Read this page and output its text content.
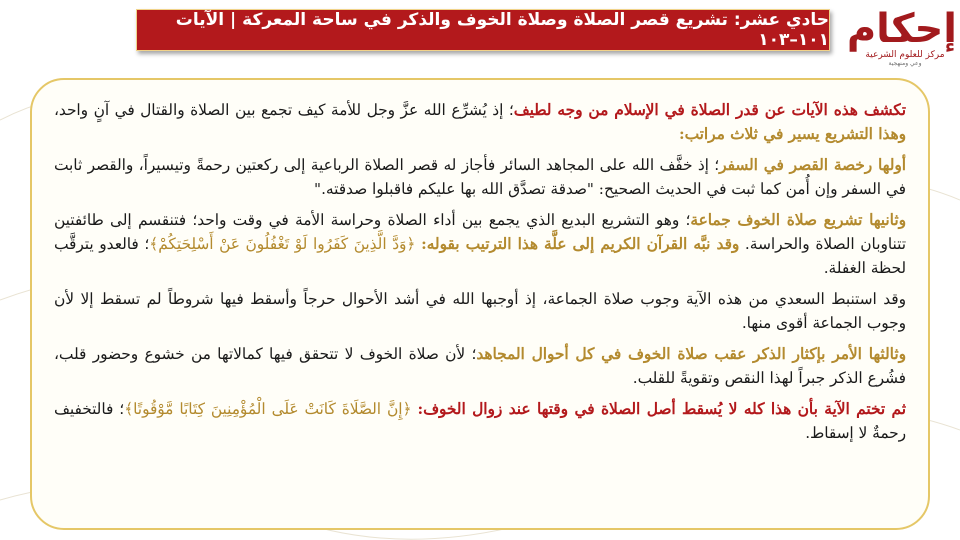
إحكام
مركز للعلوم الشرعية
وعي ومنهجية
حادي عشر: تشريع قصر الصلاة وصلاة الخوف والذكر في ساحة المعركة | الآيات ١٠١–١٠٣

تكشف هذه الآيات عن قدر الصلاة في الإسلام من وجه لطيف؛ إذ يُشرِّع الله عزَّ وجل للأمة كيف تجمع بين الصلاة والقتال في آنٍ واحد، وهذا التشريع يسير في ثلاث مراتب:

أولها رخصة القصر في السفر؛ إذ خفَّف الله على المجاهد السائر فأجاز له قصر الصلاة الرباعية إلى ركعتين رحمةً وتيسيراً، والقصر ثابت في السفر وإن أُمن كما ثبت في الحديث الصحيح: "صدقة تصدَّق الله بها عليكم فاقبلوا صدقته."

وثانيها تشريع صلاة الخوف جماعة؛ وهو التشريع البديع الذي يجمع بين أداء الصلاة وحراسة الأمة في وقت واحد؛ فتنقسم إلى طائفتين تتناوبان الصلاة والحراسة. وقد نبَّه القرآن الكريم إلى علَّة هذا الترتيب بقوله: ﴿وَدَّ الَّذِينَ كَفَرُوا لَوْ تَغْفُلُونَ عَنْ أَسْلِحَتِكُمْ﴾؛ فالعدو يترقَّب لحظة الغفلة.

وقد استنبط السعدي من هذه الآية وجوب صلاة الجماعة، إذ أوجبها الله في أشد الأحوال حرجاً وأسقط فيها شروطاً لم تسقط إلا لأن وجوب الجماعة أقوى منها.

وثالثها الأمر بإكثار الذكر عقب صلاة الخوف في كل أحوال المجاهد؛ لأن صلاة الخوف لا تتحقق فيها كمالاتها من خشوع وحضور قلب، فشُرع الذكر جبراً لهذا النقص وتقويةً للقلب.

ثم تختم الآية بأن هذا كله لا يُسقط أصل الصلاة في وقتها عند زوال الخوف: ﴿إِنَّ الصَّلَاةَ كَانَتْ عَلَى الْمُؤْمِنِينَ كِتَابًا مَّوْقُوتًا﴾؛ فالتخفيف رحمةٌ لا إسقاط.
